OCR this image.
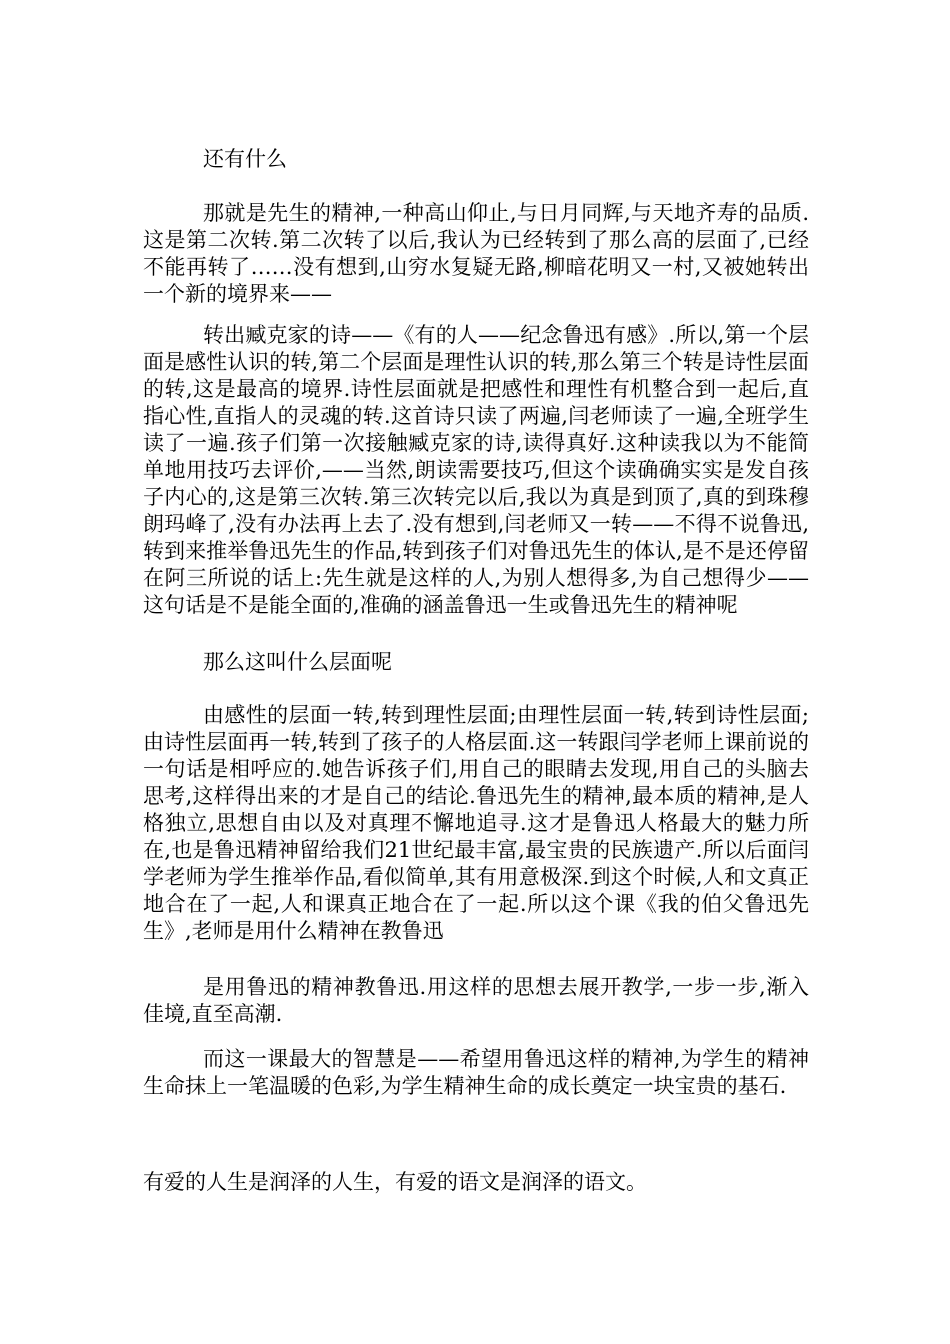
还有什么

那就是先生的精神,一种高山仰止,与日月同辉,与天地齐寿的品质.这是第二次转.第二次转了以后,我认为已经转到了那么高的层面了,已经不能再转了……没有想到,山穷水复疑无路,柳暗花明又一村,又被她转出一个新的境界来——

转出臧克家的诗——《有的人——纪念鲁迅有感》.所以,第一个层面是感性认识的转,第二个层面是理性认识的转,那么第三个转是诗性层面的转,这是最高的境界.诗性层面就是把感性和理性有机整合到一起后,直指心性,直指人的灵魂的转.这首诗只读了两遍,闫老师读了一遍,全班学生读了一遍.孩子们第一次接触臧克家的诗,读得真好.这种读我以为不能简单地用技巧去评价,——当然,朗读需要技巧,但这个读确确实实是发自孩子内心的,这是第三次转.第三次转完以后,我以为真是到顶了,真的到珠穆朗玛峰了,没有办法再上去了.没有想到,闫老师又一转——不得不说鲁迅,转到来推举鲁迅先生的作品,转到孩子们对鲁迅先生的体认,是不是还停留在阿三所说的话上:先生就是这样的人,为别人想得多,为自己想得少——这句话是不是能全面的,准确的涵盖鲁迅一生或鲁迅先生的精神呢

那么这叫什么层面呢

由感性的层面一转,转到理性层面;由理性层面一转,转到诗性层面;由诗性层面再一转,转到了孩子的人格层面.这一转跟闫学老师上课前说的一句话是相呼应的.她告诉孩子们,用自己的眼睛去发现,用自己的头脑去思考,这样得出来的才是自己的结论.鲁迅先生的精神,最本质的精神,是人格独立,思想自由以及对真理不懈地追寻.这才是鲁迅人格最大的魅力所在,也是鲁迅精神留给我们21世纪最丰富,最宝贵的民族遗产.所以后面闫学老师为学生推举作品,看似简单,其有用意极深.到这个时候,人和文真正地合在了一起,人和课真正地合在了一起.所以这个课《我的伯父鲁迅先生》,老师是用什么精神在教鲁迅

是用鲁迅的精神教鲁迅.用这样的思想去展开教学,一步一步,渐入佳境,直至高潮.

而这一课最大的智慧是——希望用鲁迅这样的精神,为学生的精神生命抹上一笔温暖的色彩,为学生精神生命的成长奠定一块宝贵的基石.

有爱的人生是润泽的人生，有爱的语文是润泽的语文。
